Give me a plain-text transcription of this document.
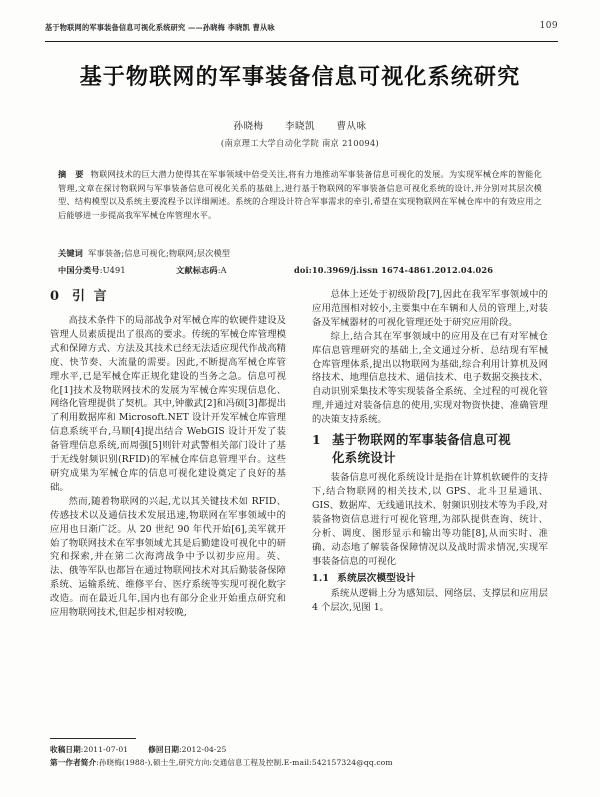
基于物联网的军事装备信息可视化系统研究 ——孙晓梅 李晓凯 曹从咏	109
基于物联网的军事装备信息可视化系统研究
孙晓梅 李晓凯 曹从咏
(南京理工大学自动化学院 南京 210094)
摘 要 物联网技术的巨大潜力使得其在军事领域中倍受关注,将有力地推动军事装备信息可视化的发展。为实现军械仓库的智能化管理,文章在探讨物联网与军事装备信息可视化关系的基础上,进行基于物联网的军事装备信息可视化系统的设计,并分别对其层次模型、结构模型以及系统主要流程予以详细阐述。系统的合理设计符合军事需求的牵引,希望在实现物联网在军械仓库中的有效应用之后能够进一步提高我军军械仓库管理水平。
关键词 军事装备;信息可视化;物联网;层次模型
中国分类号:U491	文献标志码:A	doi:10.3969/j.issn 1674-4861.2012.04.026
0 引 言

高技术条件下的局部战争对军械仓库的软硬件建设及管理人员素质提出了很高的要求。传统的军械仓库管理模式和保障方式、方法及其技术已经无法适应现代作战高精度、快节奏、大流量的需要。因此,不断提高军械仓库管理水平,已是军械仓库正规化建设的当务之急。信息可视化[1]技术及物联网技术的发展为军械仓库实现信息化、网络化管理提供了契机。其中,钟徽武[2]和冯硕[3]都提出了利用数据库和 Microsoft.NET 设计开发军械仓库管理信息系统平台,马顺[4]提出结合 WebGIS 设计开发了装备管理信息系统,而周强[5]则针对武警相关部门设计了基于无线射频识别(RFID)的军械仓库信息管理平台。这些研究成果为军械仓库的信息可视化建设奠定了良好的基础。

然而,随着物联网的兴起,尤以其关键技术如 RFID、传感技术以及通信技术发展迅速,物联网在军事领域中的应用也日渐广泛。从 20 世纪 90 年代开始[6],美军就开始了物联网技术在军事领域尤其是后勤建设可视化中的研究和探索,并在第二次海湾战争中予以初步应用。英、法、俄等军队也都旨在通过物联网技术对其后勤装备保障系统、运输系统、维修平台、医疗系统等实现可视化数字改造。而在最近几年,国内也有部分企业开始重点研究和应用物联网技术,但起步相对较晚,

总体上还处于初级阶段[7],因此在我军军事领域中的应用范围相对较小,主要集中在车辆和人员的管理上,对装备及军械器材的可视化管理还处于研究应用阶段。

综上,结合其在军事领域中的应用及在已有对军械仓库信息管理研究的基础上,全文通过分析、总结现有军械仓库管理体系,提出以物联网为基础,综合利用计算机及网络技术、地理信息技术、通信技术、电子数据交换技术、自动识别采集技术等实现装备全系统、全过程的可视化管理,并通过对装备信息的使用,实现对物资快捷、准确管理的决策支持系统。

1 基于物联网的军事装备信息可视
化系统设计

装备信息可视化系统设计是指在计算机软硬件的支持下,结合物联网的相关技术,以 GPS、北斗卫星通讯、GIS、数据库、无线通讯技术、射频识别技术等为手段,对装备物资信息进行可视化管理,为部队提供查询、统计、分析、调度、图形显示和输出等功能[8],从而实时、准确、动态地了解装备保障情况以及战时需求情况,实现军事装备信息的可视化

1.1 系统层次模型设计

系统从逻辑上分为感知层、网络层、支撑层和应用层 4 个层次,见图 1。

收稿日期:2011-07-01	修回日期:2012-04-25
第一作者简介:孙晓梅(1988-),硕士生,研究方向:交通信息工程及控制.E-mail:542157324@qq.com
